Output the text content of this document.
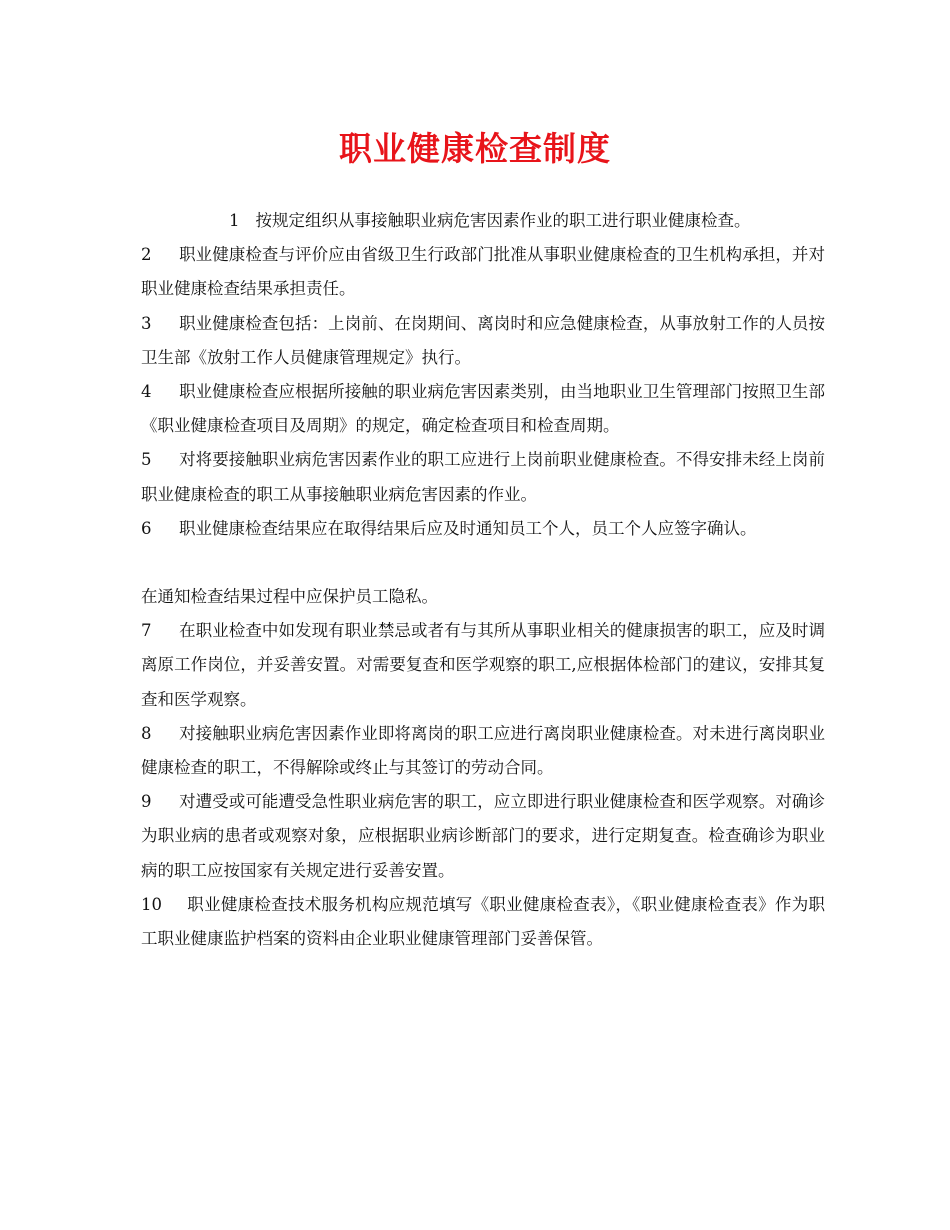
职业健康检查制度

1 按规定组织从事接触职业病危害因素作业的职工进行职业健康检查。

2 职业健康检查与评价应由省级卫生行政部门批准从事职业健康检查的卫生机构承担，并对职业健康检查结果承担责任。

3 职业健康检查包括：上岗前、在岗期间、离岗时和应急健康检查，从事放射工作的人员按卫生部《放射工作人员健康管理规定》执行。

4 职业健康检查应根据所接触的职业病危害因素类别，由当地职业卫生管理部门按照卫生部《职业健康检查项目及周期》的规定，确定检查项目和检查周期。

5 对将要接触职业病危害因素作业的职工应进行上岗前职业健康检查。不得安排未经上岗前职业健康检查的职工从事接触职业病危害因素的作业。

6 职业健康检查结果应在取得结果后应及时通知员工个人，员工个人应签字确认。

在通知检查结果过程中应保护员工隐私。

7 在职业检查中如发现有职业禁忌或者有与其所从事职业相关的健康损害的职工，应及时调离原工作岗位，并妥善安置。对需要复查和医学观察的职工,应根据体检部门的建议，安排其复查和医学观察。

8 对接触职业病危害因素作业即将离岗的职工应进行离岗职业健康检查。对未进行离岗职业健康检查的职工，不得解除或终止与其签订的劳动合同。

9 对遭受或可能遭受急性职业病危害的职工，应立即进行职业健康检查和医学观察。对确诊为职业病的患者或观察对象，应根据职业病诊断部门的要求，进行定期复查。检查确诊为职业病的职工应按国家有关规定进行妥善安置。

10 职业健康检查技术服务机构应规范填写《职业健康检查表》，《职业健康检查表》作为职工职业健康监护档案的资料由企业职业健康管理部门妥善保管。
